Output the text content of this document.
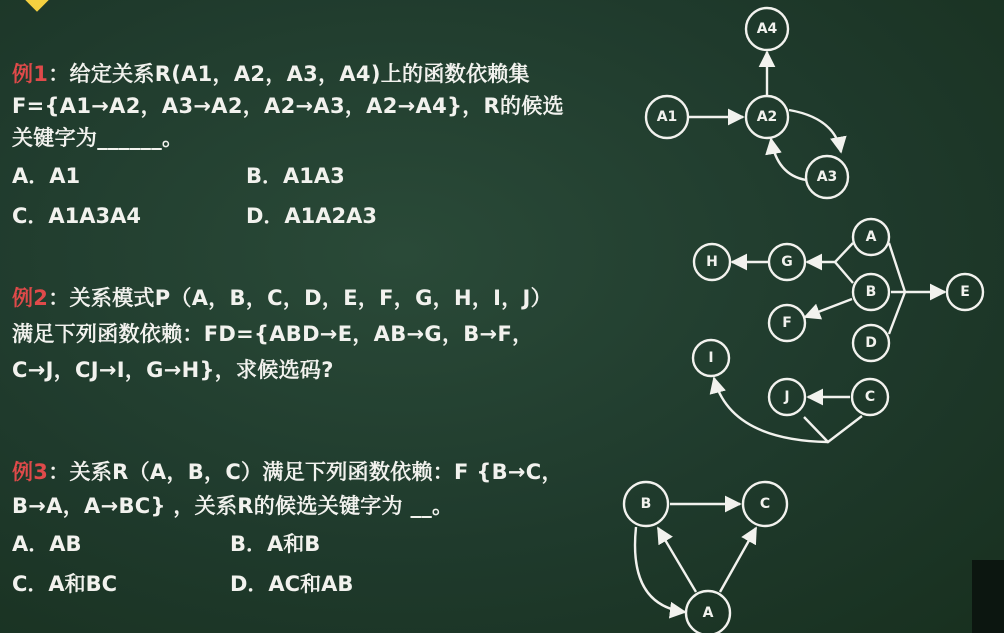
例1：给定关系R(A1，A2，A3，A4)上的函数依赖集
F={A1→A2，A3→A2，A2→A3，A2→A4}，R的候选
关键字为______。
A．A1	B．A1A3
C．A1A3A4	D．A1A2A3
例2：关系模式P（A，B，C，D，E，F，G，H，I，J）
满足下列函数依赖：FD={ABD→E，AB→G，B→F，
C→J，CJ→I，G→H}，求候选码?
例3：关系R（A，B，C）满足下列函数依赖：F {B→C，
B→A，A→BC} ，关系R的候选关键字为 __。
A．AB	B．A和B
C．A和BC	D．AC和AB
A4
A1	A2
A3
H	G
A
B
D
E
F
I
J	C
B	C
A
